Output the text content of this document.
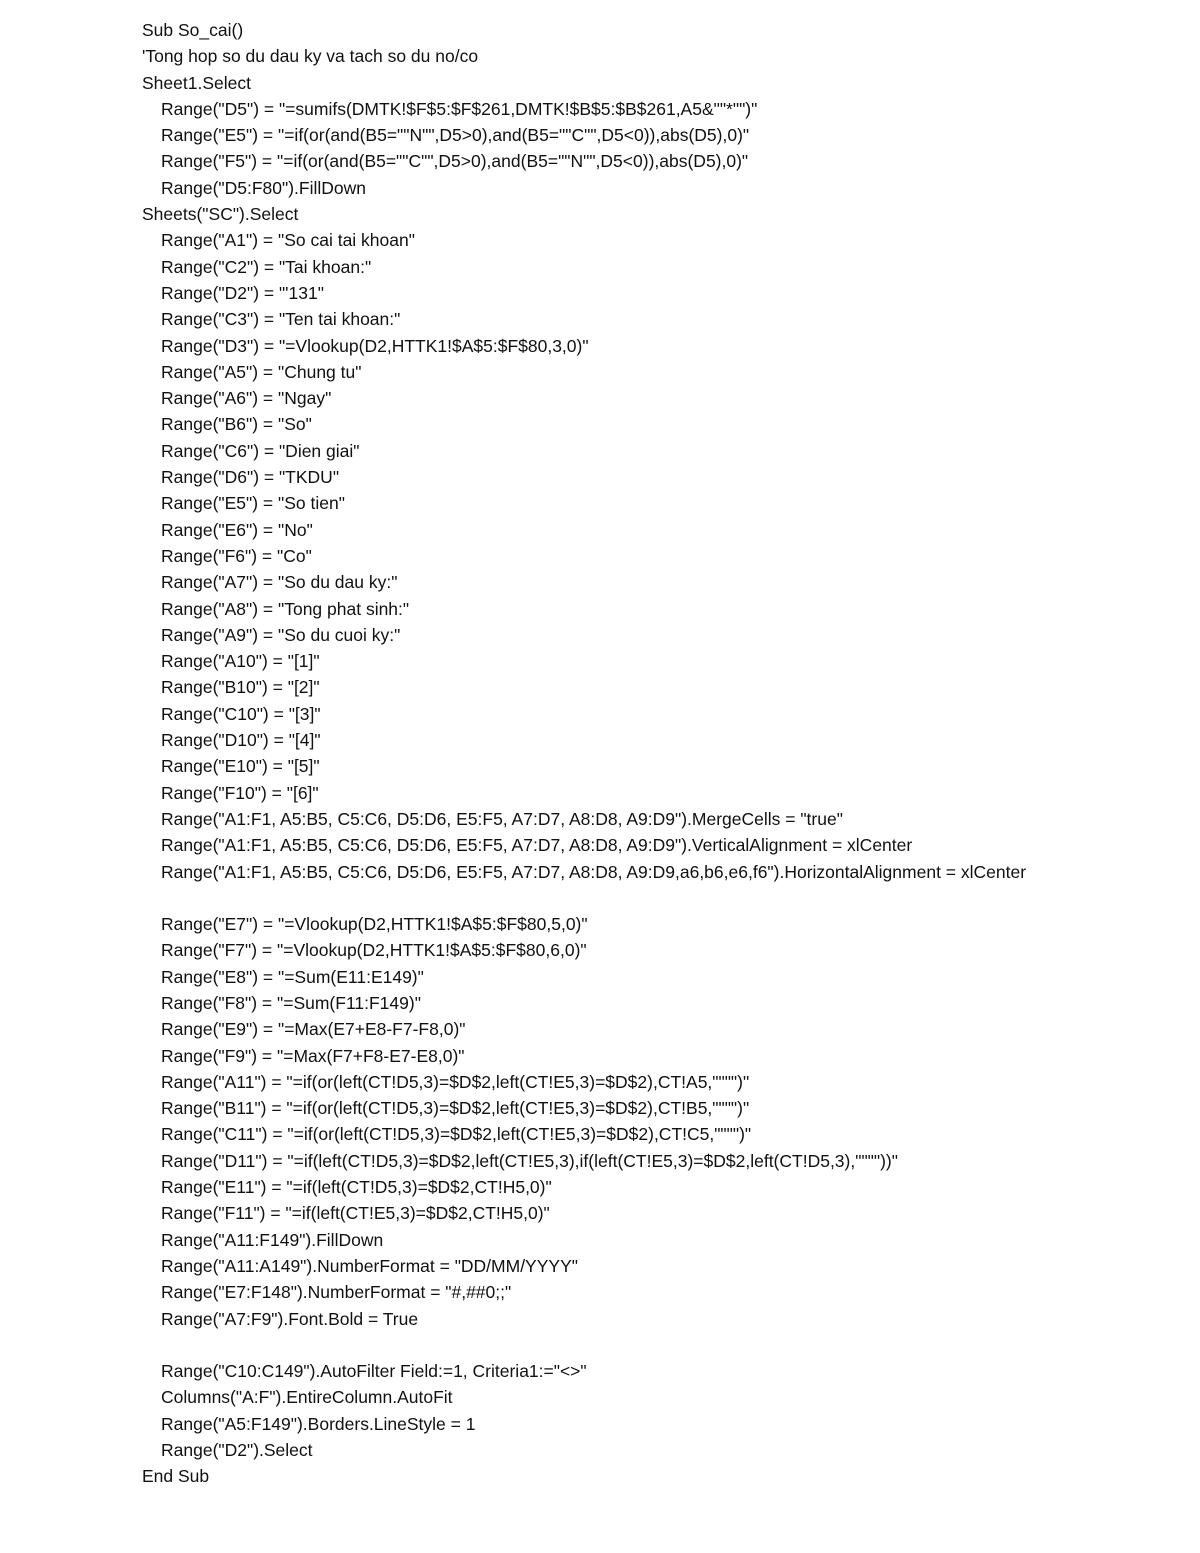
Sub So_cai()
'Tong hop so du dau ky va tach so du no/co
Sheet1.Select
Range("D5") = "=sumifs(DMTK!$F$5:$F$261,DMTK!$B$5:$B$261,A5&""*"")"
Range("E5") = "=if(or(and(B5=""N"",D5>0),and(B5=""C"",D5<0)),abs(D5),0)"
Range("F5") = "=if(or(and(B5=""C"",D5>0),and(B5=""N"",D5<0)),abs(D5),0)"
Range("D5:F80").FillDown
Sheets("SC").Select
Range("A1") = "So cai tai khoan"
Range("C2") = "Tai khoan:"
Range("D2") = "'131"
Range("C3") = "Ten tai khoan:"
Range("D3") = "=Vlookup(D2,HTTK1!$A$5:$F$80,3,0)"
Range("A5") = "Chung tu"
Range("A6") = "Ngay"
Range("B6") = "So"
Range("C6") = "Dien giai"
Range("D6") = "TKDU"
Range("E5") = "So tien"
Range("E6") = "No"
Range("F6") = "Co"
Range("A7") = "So du dau ky:"
Range("A8") = "Tong phat sinh:"
Range("A9") = "So du cuoi ky:"
Range("A10") = "[1]"
Range("B10") = "[2]"
Range("C10") = "[3]"
Range("D10") = "[4]"
Range("E10") = "[5]"
Range("F10") = "[6]"
Range("A1:F1, A5:B5, C5:C6, D5:D6, E5:F5, A7:D7, A8:D8, A9:D9").MergeCells = "true"
Range("A1:F1, A5:B5, C5:C6, D5:D6, E5:F5, A7:D7, A8:D8, A9:D9").VerticalAlignment = xlCenter
Range("A1:F1, A5:B5, C5:C6, D5:D6, E5:F5, A7:D7, A8:D8, A9:D9,a6,b6,e6,f6").HorizontalAlignment = xlCenter
Range("E7") = "=Vlookup(D2,HTTK1!$A$5:$F$80,5,0)"
Range("F7") = "=Vlookup(D2,HTTK1!$A$5:$F$80,6,0)"
Range("E8") = "=Sum(E11:E149)"
Range("F8") = "=Sum(F11:F149)"
Range("E9") = "=Max(E7+E8-F7-F8,0)"
Range("F9") = "=Max(F7+F8-E7-E8,0)"
Range("A11") = "=if(or(left(CT!D5,3)=$D$2,left(CT!E5,3)=$D$2),CT!A5,"""")"
Range("B11") = "=if(or(left(CT!D5,3)=$D$2,left(CT!E5,3)=$D$2),CT!B5,"""")"
Range("C11") = "=if(or(left(CT!D5,3)=$D$2,left(CT!E5,3)=$D$2),CT!C5,"""")"
Range("D11") = "=if(left(CT!D5,3)=$D$2,left(CT!E5,3),if(left(CT!E5,3)=$D$2,left(CT!D5,3),""""))"
Range("E11") = "=if(left(CT!D5,3)=$D$2,CT!H5,0)"
Range("F11") = "=if(left(CT!E5,3)=$D$2,CT!H5,0)"
Range("A11:F149").FillDown
Range("A11:A149").NumberFormat = "DD/MM/YYYY"
Range("E7:F148").NumberFormat = "#,##0;;"
Range("A7:F9").Font.Bold = True
Range("C10:C149").AutoFilter Field:=1, Criteria1:="<>"
Columns("A:F").EntireColumn.AutoFit
Range("A5:F149").Borders.LineStyle = 1
Range("D2").Select
End Sub
